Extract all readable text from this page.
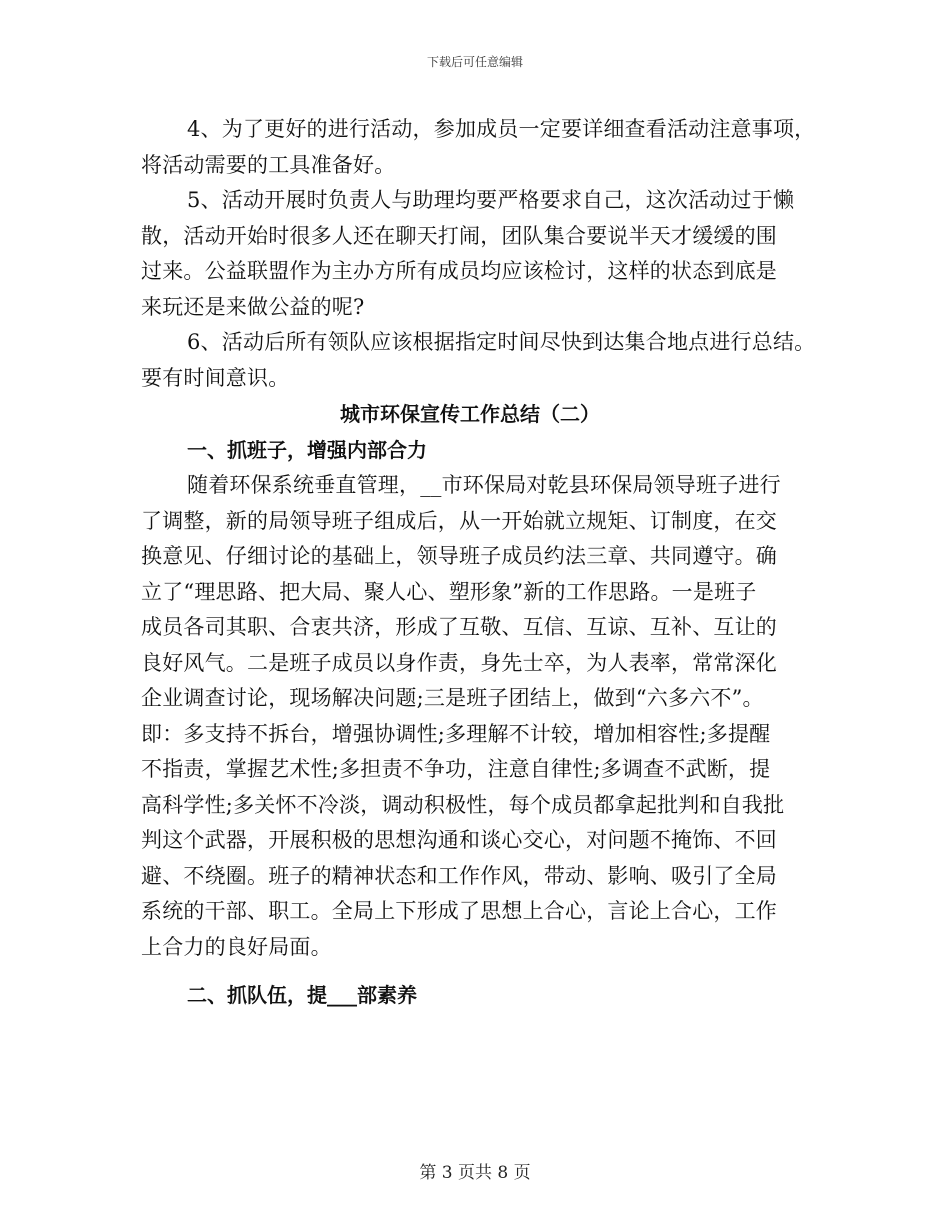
下载后可任意编辑
4、为了更好的进行活动，参加成员一定要详细查看活动注意事项，
将活动需要的工具准备好。
5、活动开展时负责人与助理均要严格要求自己，这次活动过于懒
散，活动开始时很多人还在聊天打闹，团队集合要说半天才缓缓的围
过来。公益联盟作为主办方所有成员均应该检讨，这样的状态到底是
来玩还是来做公益的呢?
6、活动后所有领队应该根据指定时间尽快到达集合地点进行总结。
要有时间意识。
城市环保宣传工作总结（二）
一、抓班子，增强内部合力
随着环保系统垂直管理，__市环保局对乾县环保局领导班子进行
了调整，新的局领导班子组成后，从一开始就立规矩、订制度，在交
换意见、仔细讨论的基础上，领导班子成员约法三章、共同遵守。确
立了“理思路、把大局、聚人心、塑形象”新的工作思路。一是班子
成员各司其职、合衷共济，形成了互敬、互信、互谅、互补、互让的
良好风气。二是班子成员以身作责，身先士卒，为人表率，常常深化
企业调查讨论，现场解决问题;三是班子团结上，做到“六多六不”。
即：多支持不拆台，增强协调性;多理解不计较，增加相容性;多提醒
不指责，掌握艺术性;多担责不争功，注意自律性;多调查不武断，提
高科学性;多关怀不冷淡，调动积极性，每个成员都拿起批判和自我批
判这个武器，开展积极的思想沟通和谈心交心，对问题不掩饰、不回
避、不绕圈。班子的精神状态和工作作风，带动、影响、吸引了全局
系统的干部、职工。全局上下形成了思想上合心，言论上合心，工作
上合力的良好局面。
二、抓队伍，提___部素养
第 3 页共 8 页
